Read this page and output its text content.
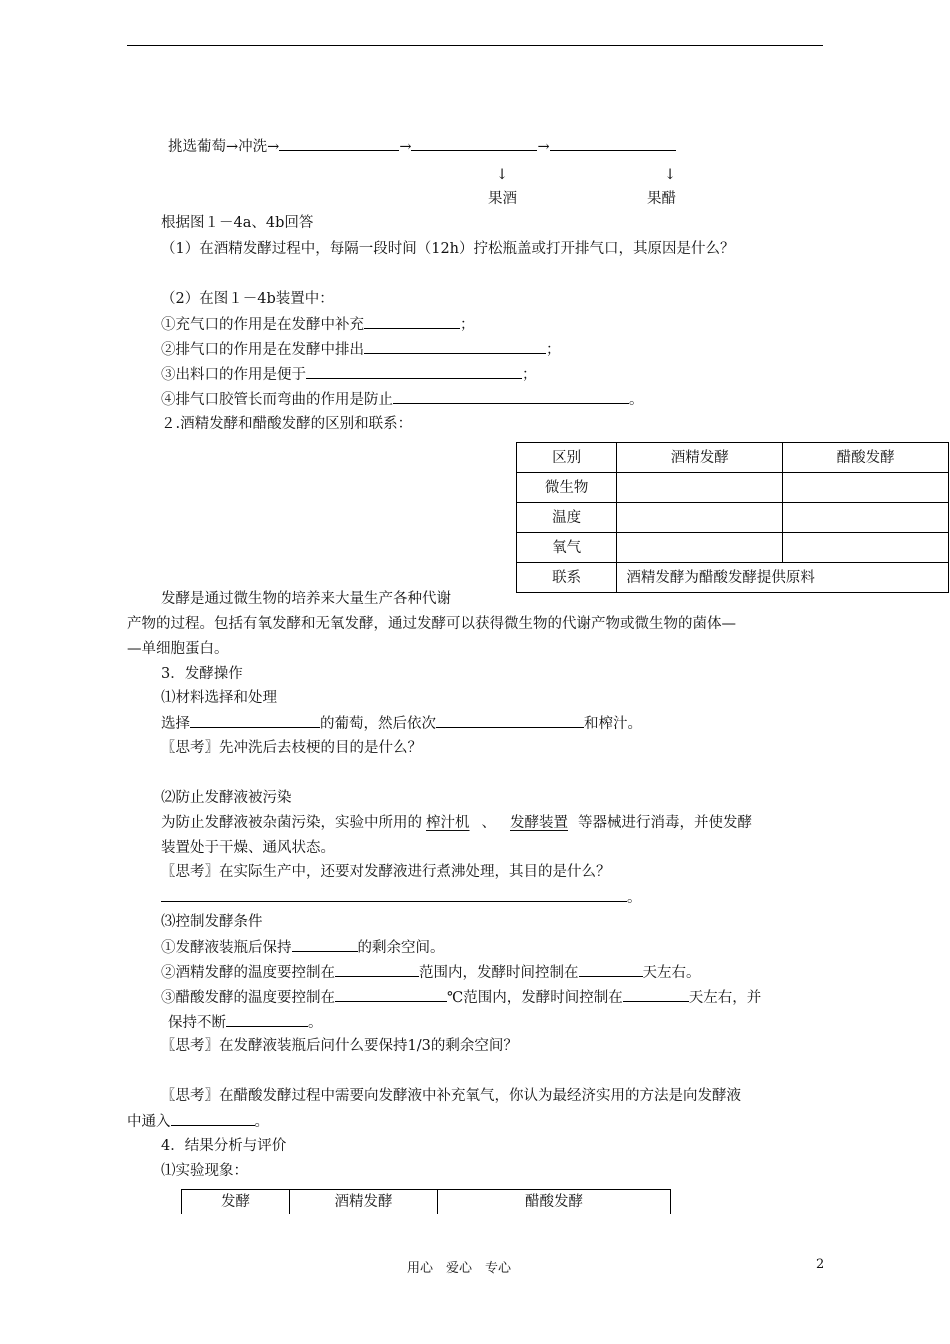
挑选葡萄→冲洗→	→	→
↓	↓
果酒	果醋
根据图１－4a、4b回答
（1）在酒精发酵过程中，每隔一段时间（12h）拧松瓶盖或打开排气口，其原因是什么？
（2）在图１－4b装置中：
①充气口的作用是在发酵中补充	；
②排气口的作用是在发酵中排出	；
③出料口的作用是便于	；
④排气口胶管长而弯曲的作用是防止	。
２.酒精发酵和醋酸发酵的区别和联系：
区别	酒精发酵	醋酸发酵
微生物		
温度		
氧气		
联系	酒精发酵为醋酸发酵提供原料	
发酵是通过微生物的培养来大量生产各种代谢
产物的过程。包括有氧发酵和无氧发酵，通过发酵可以获得微生物的代谢产物或微生物的菌体—
—单细胞蛋白。
3．发酵操作
⑴材料选择和处理
选择	的葡萄，然后依次	和榨汁。
〖思考〗先冲洗后去枝梗的目的是什么？
⑵防止发酵液被污染
为防止发酵液被杂菌污染，实验中所用的 榨汁机 、 发酵装置 等器械进行消毒，并使发酵
装置处于干燥、通风状态。
〖思考〗在实际生产中，还要对发酵液进行煮沸处理，其目的是什么？
。
⑶控制发酵条件
①发酵液装瓶后保持	的剩余空间。
②酒精发酵的温度要控制在	范围内，发酵时间控制在	天左右。
③醋酸发酵的温度要控制在	℃范围内，发酵时间控制在	天左右，并
保持不断	。
〖思考〗在发酵液装瓶后问什么要保持1/3的剩余空间？
〖思考〗在醋酸发酵过程中需要向发酵液中补充氧气，你认为最经济实用的方法是向发酵液
中通入	。
4．结果分析与评价
⑴实验现象：
发酵	酒精发酵	醋酸发酵
用心　爱心　专心	2
